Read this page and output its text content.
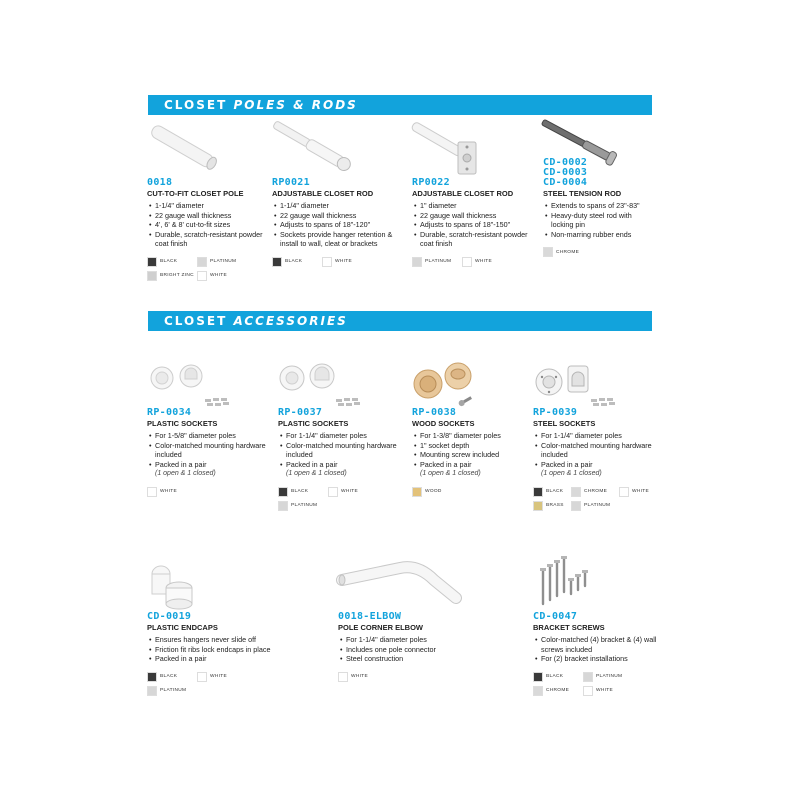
CLOSET POLES & RODS
0018
CUT-TO-FIT CLOSET POLE
• 1-1/4" diameter
• 22 gauge wall thickness
• 4', 6' & 8' cut-to-fit sizes
• Durable, scratch-resistant powder coat finish
BLACK	PLATINUM
BRIGHT ZINC	WHITE
RP0021
ADJUSTABLE CLOSET ROD
• 1-1/4" diameter
• 22 gauge wall thickness
• Adjusts to spans of 18"-120"
• Sockets provide hanger retention & install to wall, cleat or brackets
BLACK	WHITE
RP0022
ADJUSTABLE CLOSET ROD
• 1" diameter
• 22 gauge wall thickness
• Adjusts to spans of 18"-150"
• Durable, scratch-resistant powder coat finish
PLATINUM	WHITE
CD-0002
CD-0003
CD-0004
STEEL TENSION ROD
• Extends to spans of 23"-83"
• Heavy-duty steel rod with locking pin
• Non-marring rubber ends
CHROME
CLOSET ACCESSORIES
RP-0034
PLASTIC SOCKETS
• For 1-5/8" diameter poles
• Color-matched mounting hardware included
• Packed in a pair
(1 open & 1 closed)
WHITE
RP-0037
PLASTIC SOCKETS
• For 1-1/4" diameter poles
• Color-matched mounting hardware included
• Packed in a pair
(1 open & 1 closed)
BLACK	WHITE
PLATINUM
RP-0038
WOOD SOCKETS
• For 1-3/8" diameter poles
• 1" socket depth
• Mounting screw included
• Packed in a pair
(1 open & 1 closed)
WOOD
RP-0039
STEEL SOCKETS
• For 1-1/4" diameter poles
• Color-matched mounting hardware included
• Packed in a pair
(1 open & 1 closed)
BLACK	CHROME	WHITE
BRASS	PLATINUM
CD-0019
PLASTIC ENDCAPS
• Ensures hangers never slide off
• Friction fit ribs lock endcaps in place
• Packed in a pair
BLACK	WHITE
PLATINUM
0018-ELBOW
POLE CORNER ELBOW
• For 1-1/4" diameter poles
• Includes one pole connector
• Steel construction
WHITE
CD-0047
BRACKET SCREWS
• Color-matched (4) bracket & (4) wall screws included
• For (2) bracket installations
BLACK	PLATINUM
CHROME	WHITE
